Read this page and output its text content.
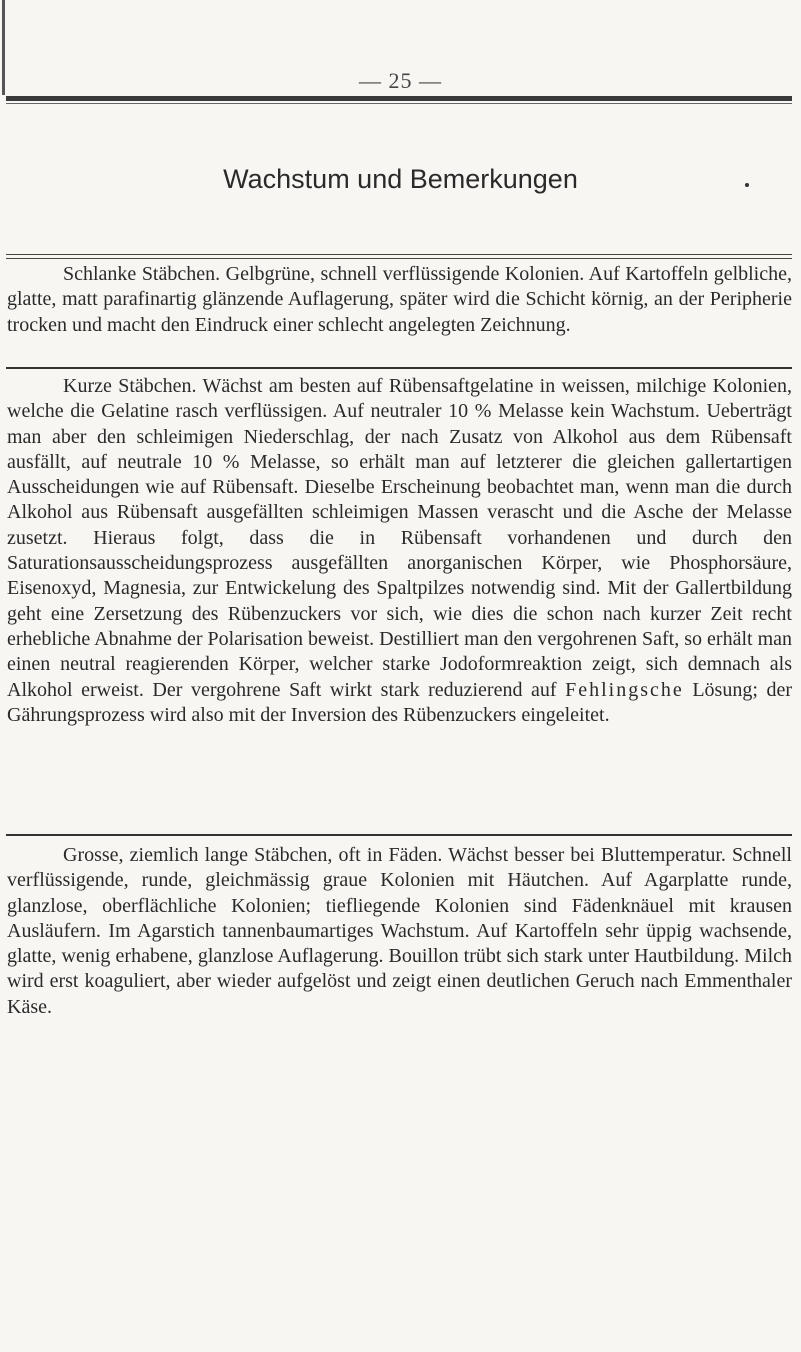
— 25 —
Wachstum und Bemerkungen

Schlanke Stäbchen. Gelbgrüne, schnell verflüssigende Kolonien. Auf Kartoffeln gelbliche, glatte, matt parafinartig glänzende Auflagerung, später wird die Schicht körnig, an der Peripherie trocken und macht den Eindruck einer schlecht angelegten Zeichnung.

Kurze Stäbchen. Wächst am besten auf Rübensaftgelatine in weissen, milchige Kolonien, welche die Gelatine rasch verflüssigen. Auf neutraler 10 % Melasse kein Wachstum. Ueberträgt man aber den schleimigen Niederschlag, der nach Zusatz von Alkohol aus dem Rübensaft ausfällt, auf neutrale 10 % Melasse, so erhält man auf letzterer die gleichen gallertartigen Ausscheidungen wie auf Rübensaft. Dieselbe Erscheinung beobachtet man, wenn man die durch Alkohol aus Rübensaft ausgefällten schleimigen Massen verascht und die Asche der Melasse zusetzt. Hieraus folgt, dass die in Rübensaft vorhandenen und durch den Saturationsausscheidungsprozess ausgefällten anorganischen Körper, wie Phosphorsäure, Eisenoxyd, Magnesia, zur Entwickelung des Spaltpilzes notwendig sind. Mit der Gallertbildung geht eine Zersetzung des Rübenzuckers vor sich, wie dies die schon nach kurzer Zeit recht erhebliche Abnahme der Polarisation beweist. Destilliert man den vergohrenen Saft, so erhält man einen neutral reagierenden Körper, welcher starke Jodoformreaktion zeigt, sich demnach als Alkohol erweist. Der vergohrene Saft wirkt stark reduzierend auf Fehlingsche Lösung; der Gährungsprozess wird also mit der Inversion des Rübenzuckers eingeleitet.

Grosse, ziemlich lange Stäbchen, oft in Fäden. Wächst besser bei Bluttemperatur. Schnell verflüssigende, runde, gleichmässig graue Kolonien mit Häutchen. Auf Agarplatte runde, glanzlose, oberflächliche Kolonien; tiefliegende Kolonien sind Fädenknäuel mit krausen Ausläufern. Im Agarstich tannenbaumartiges Wachstum. Auf Kartoffeln sehr üppig wachsende, glatte, wenig erhabene, glanzlose Auflagerung. Bouillon trübt sich stark unter Hautbildung. Milch wird erst koaguliert, aber wieder aufgelöst und zeigt einen deutlichen Geruch nach Emmenthaler Käse.
